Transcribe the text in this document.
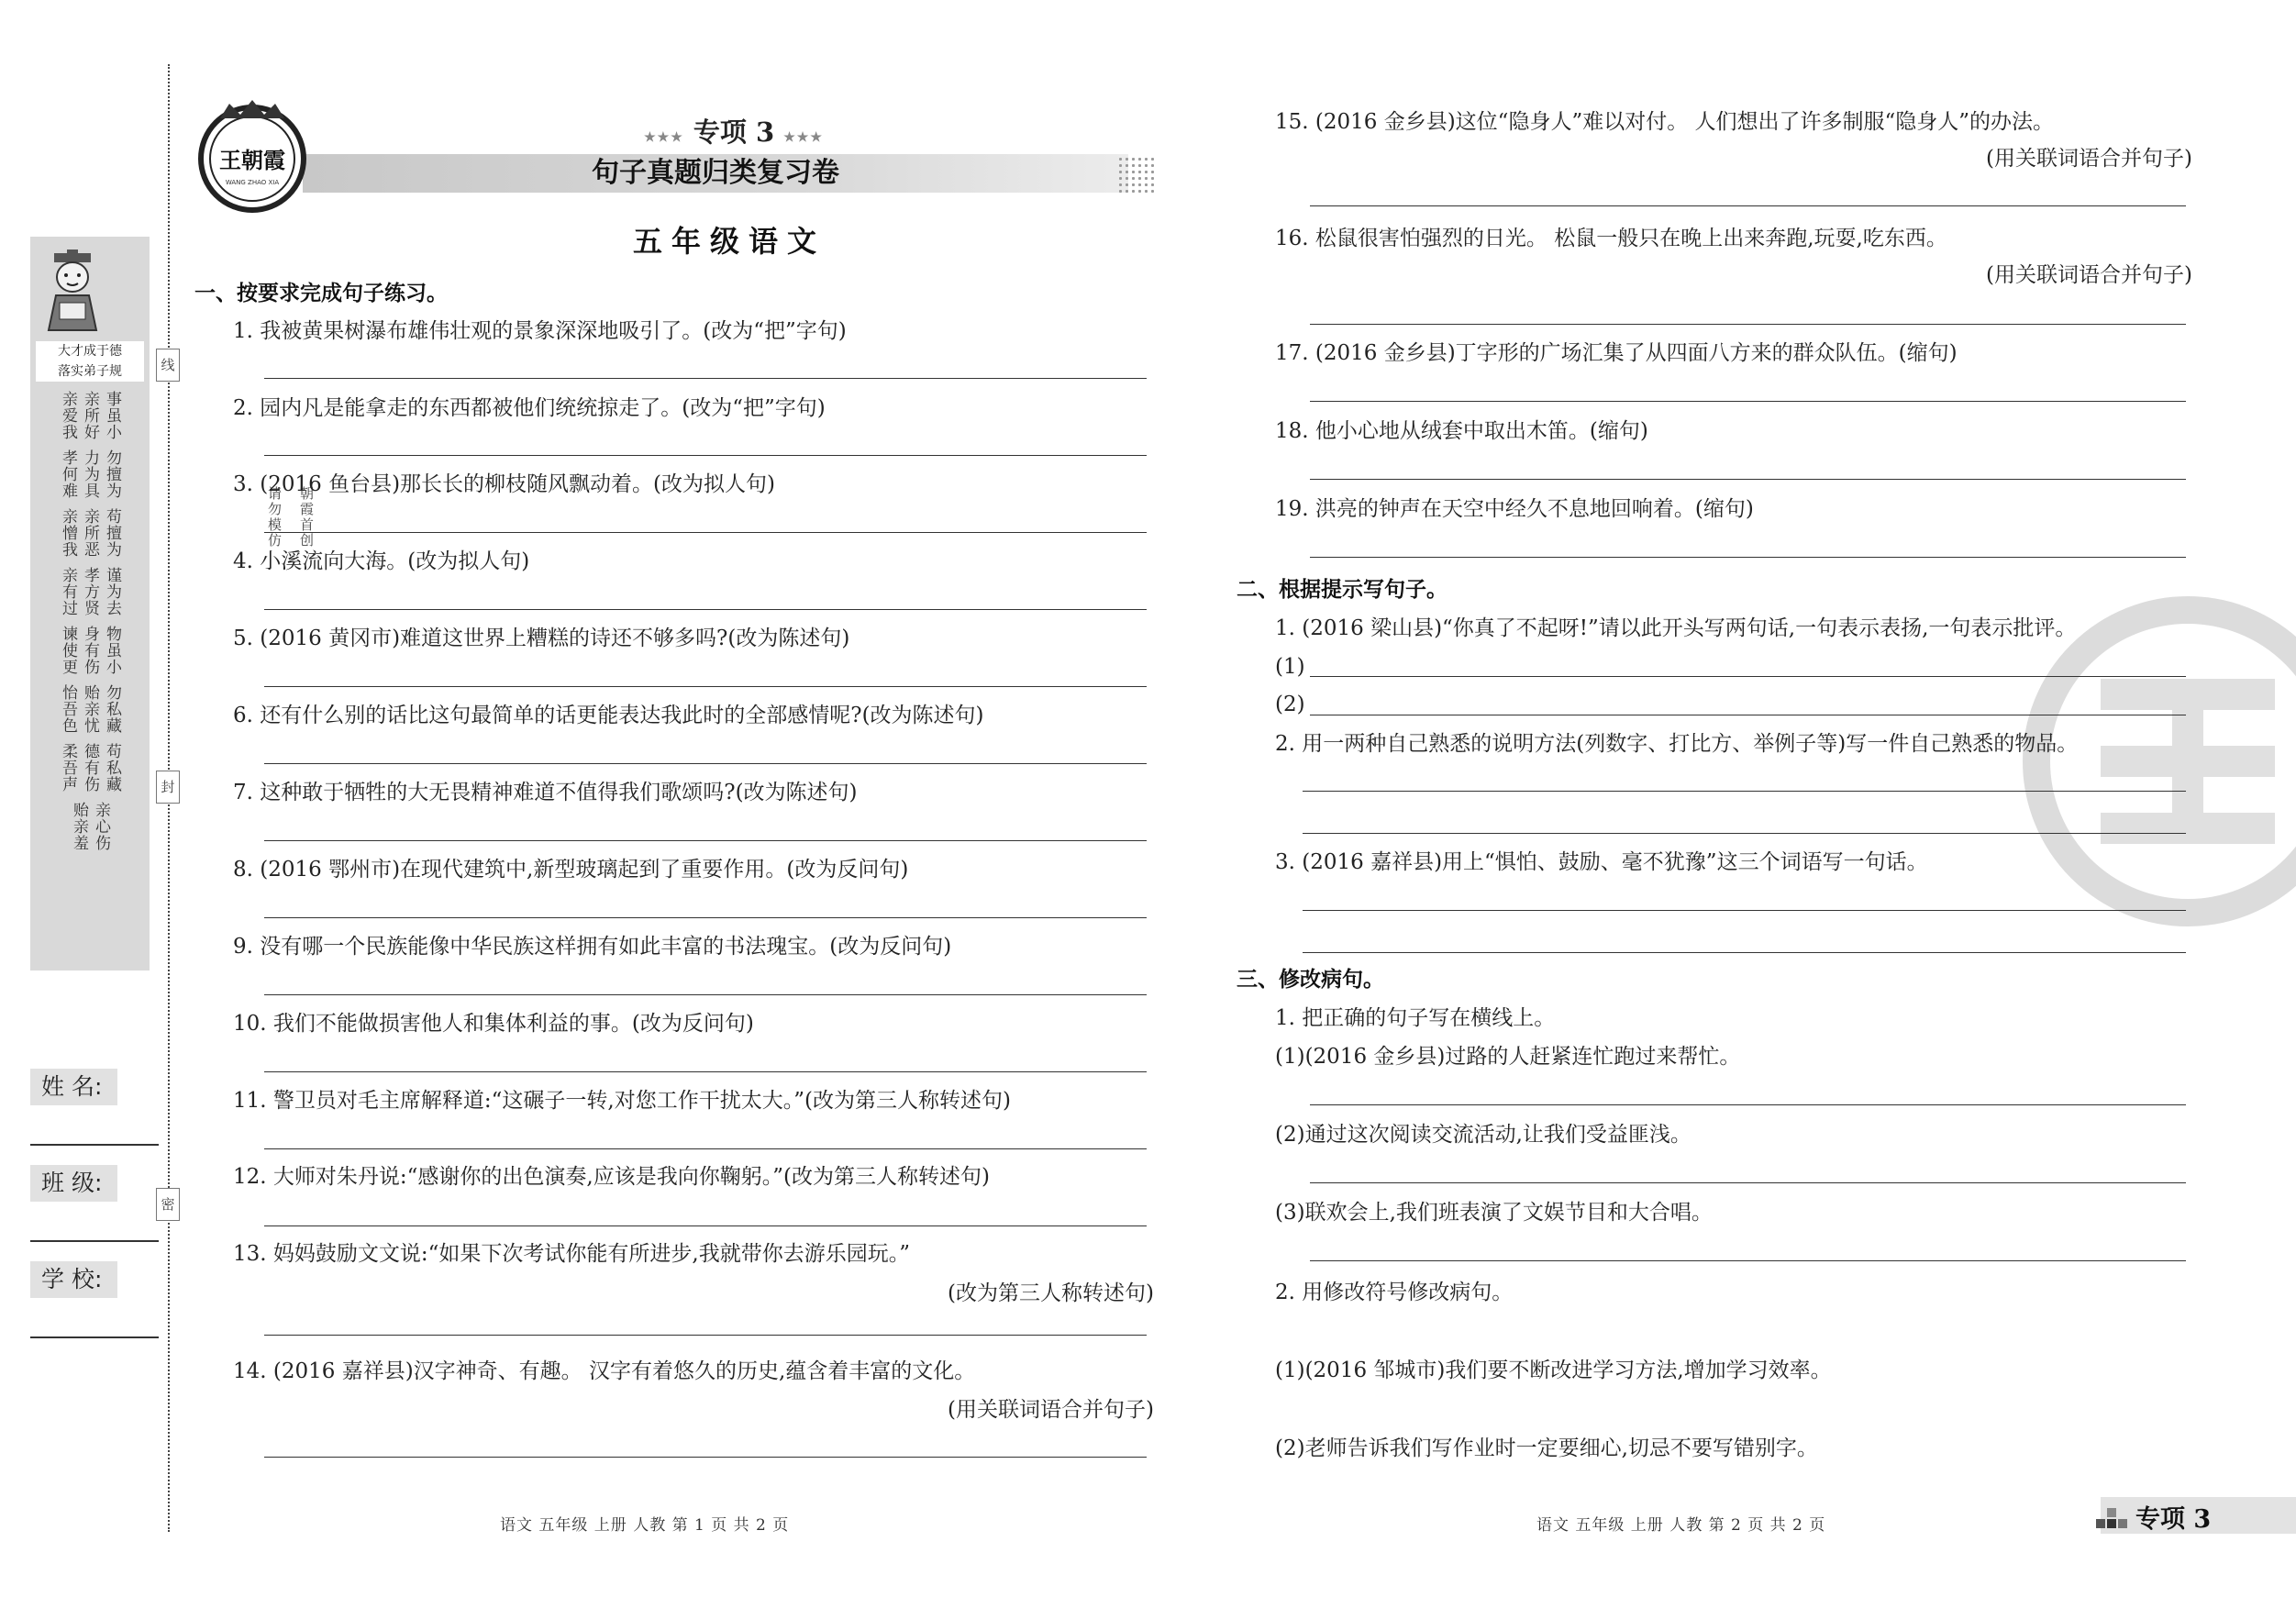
线
封
密
朝霞首创
请勿模仿
大才成于德
落实弟子规
事虽小
亲所好
亲爱我
勿擅为
力为具
孝何难
苟擅为
亲所恶
亲憎我
谨为去
孝方贤
亲有过
物虽小
身有伤
谏使更
勿私藏
贻亲忧
怡吾色
苟私藏
德有伤
柔吾声
亲心伤
贻亲羞
姓 名:
班 级:
学 校:
王朝霞
WANG ZHAO XIA
★★★ 专项 3 ★★★
句子真题归类复习卷
五年级语文
一、按要求完成句子练习。
1. 我被黄果树瀑布雄伟壮观的景象深深地吸引了。(改为“把”字句)
2. 园内凡是能拿走的东西都被他们统统掠走了。(改为“把”字句)
3. (2016 鱼台县)那长长的柳枝随风飘动着。(改为拟人句)
4. 小溪流向大海。(改为拟人句)
5. (2016 黄冈市)难道这世界上糟糕的诗还不够多吗?(改为陈述句)
6. 还有什么别的话比这句最简单的话更能表达我此时的全部感情呢?(改为陈述句)
7. 这种敢于牺牲的大无畏精神难道不值得我们歌颂吗?(改为陈述句)
8. (2016 鄂州市)在现代建筑中,新型玻璃起到了重要作用。(改为反问句)
9. 没有哪一个民族能像中华民族这样拥有如此丰富的书法瑰宝。(改为反问句)
10. 我们不能做损害他人和集体利益的事。(改为反问句)
11. 警卫员对毛主席解释道:“这碾子一转,对您工作干扰太大。”(改为第三人称转述句)
12. 大师对朱丹说:“感谢你的出色演奏,应该是我向你鞠躬。”(改为第三人称转述句)
13. 妈妈鼓励文文说:“如果下次考试你能有所进步,我就带你去游乐园玩。”
(改为第三人称转述句)
14. (2016 嘉祥县)汉字神奇、有趣。 汉字有着悠久的历史,蕴含着丰富的文化。
(用关联词语合并句子)
语文 五年级 上册 人教 第 1 页 共 2 页
15. (2016 金乡县)这位“隐身人”难以对付。 人们想出了许多制服“隐身人”的办法。
(用关联词语合并句子)
16. 松鼠很害怕强烈的日光。 松鼠一般只在晚上出来奔跑,玩耍,吃东西。
(用关联词语合并句子)
17. (2016 金乡县)丁字形的广场汇集了从四面八方来的群众队伍。(缩句)
18. 他小心地从绒套中取出木笛。(缩句)
19. 洪亮的钟声在天空中经久不息地回响着。(缩句)
二、根据提示写句子。
1. (2016 梁山县)“你真了不起呀!”请以此开头写两句话,一句表示表扬,一句表示批评。
(1)
(2)
2. 用一两种自己熟悉的说明方法(列数字、打比方、举例子等)写一件自己熟悉的物品。
3. (2016 嘉祥县)用上“惧怕、鼓励、毫不犹豫”这三个词语写一句话。
三、修改病句。
1. 把正确的句子写在横线上。
(1)(2016 金乡县)过路的人赶紧连忙跑过来帮忙。
(2)通过这次阅读交流活动,让我们受益匪浅。
(3)联欢会上,我们班表演了文娱节目和大合唱。
2. 用修改符号修改病句。
(1)(2016 邹城市)我们要不断改进学习方法,增加学习效率。
(2)老师告诉我们写作业时一定要细心,切忌不要写错别字。
语文 五年级 上册 人教 第 2 页 共 2 页	专项 3
